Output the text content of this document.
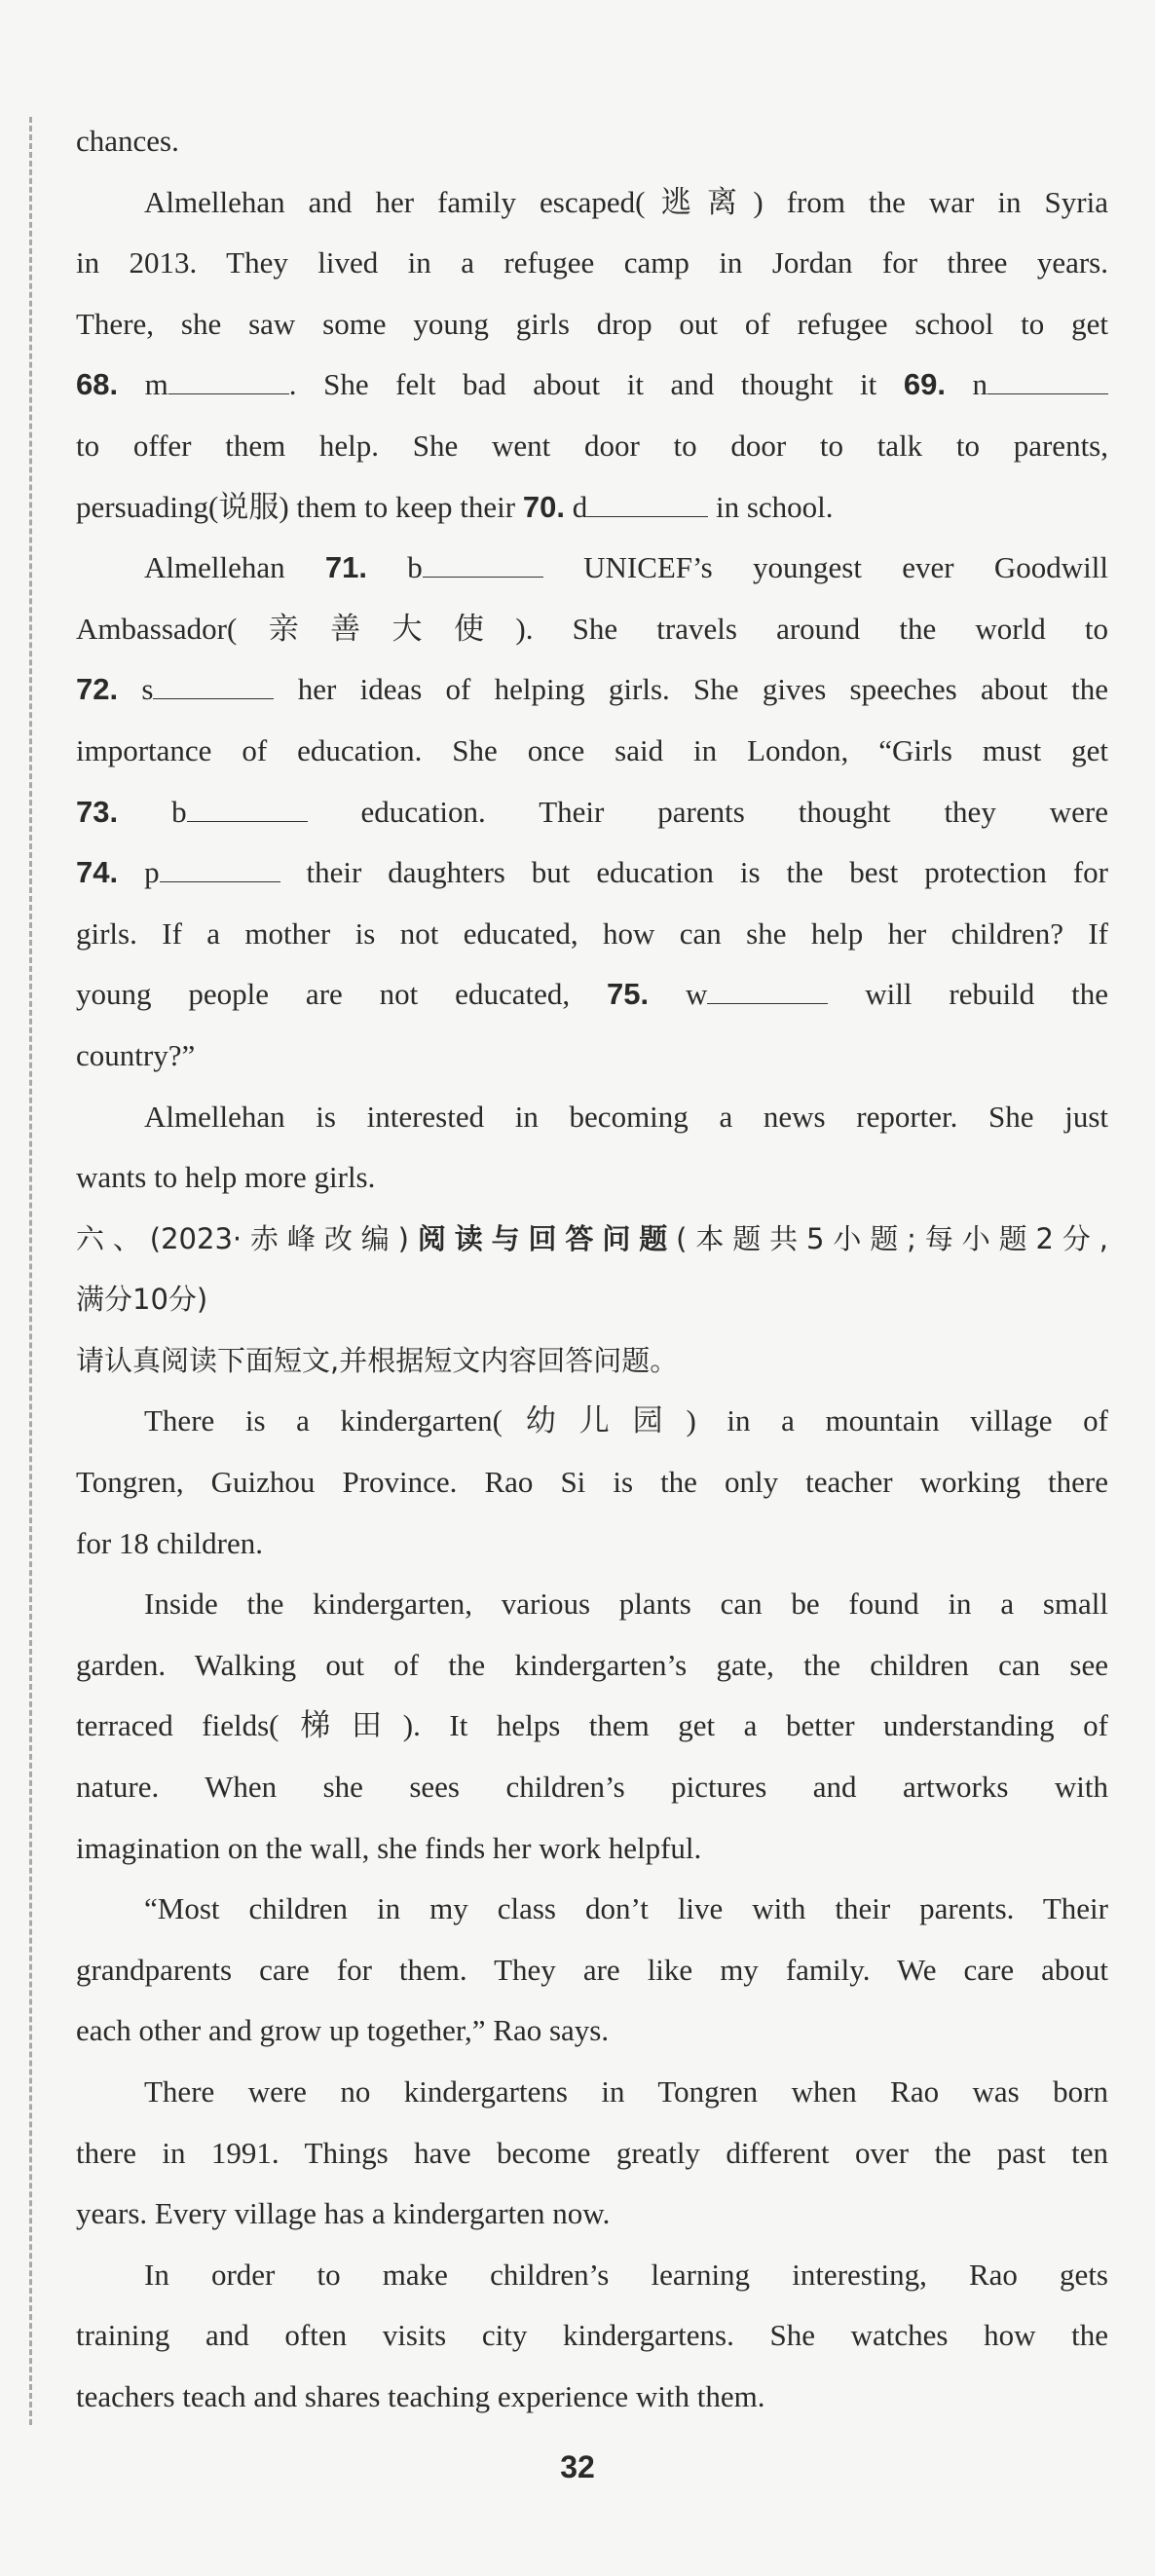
chances.
Almellehan and her family escaped(逃离) from the war in Syria
in 2013. They lived in a refugee camp in Jordan for three years.
There, she saw some young girls drop out of refugee school to get
68. m	. She felt bad about it and thought it 69. n
to offer them help. She went door to door to talk to parents,
persuading(说服) them to keep their 70. d	in school.
Almellehan 71. b	UNICEF’s youngest ever Goodwill
Ambassador(亲善大使). She travels around the world to
72. s	her ideas of helping girls. She gives speeches about the
importance of education. She once said in London, “Girls must get
73. b	education. Their parents thought they were
74. p	their daughters but education is the best protection for
girls. If a mother is not educated, how can she help her children? If
young people are not educated, 75. w	will rebuild the
country?”
Almellehan is interested in becoming a news reporter. She just
wants to help more girls.
六、(2023·赤峰改编)阅读与回答问题(本题共5小题;每小题2分,
满分10分)
请认真阅读下面短文,并根据短文内容回答问题。
There is a kindergarten(幼儿园) in a mountain village of
Tongren, Guizhou Province. Rao Si is the only teacher working there
for 18 children.
Inside the kindergarten, various plants can be found in a small
garden. Walking out of the kindergarten’s gate, the children can see
terraced fields(梯田). It helps them get a better understanding of
nature. When she sees children’s pictures and artworks with
imagination on the wall, she finds her work helpful.
“Most children in my class don’t live with their parents. Their
grandparents care for them. They are like my family. We care about
each other and grow up together,” Rao says.
There were no kindergartens in Tongren when Rao was born
there in 1991. Things have become greatly different over the past ten
years. Every village has a kindergarten now.
In order to make children’s learning interesting, Rao gets
training and often visits city kindergartens. She watches how the
teachers teach and shares teaching experience with them.
32
